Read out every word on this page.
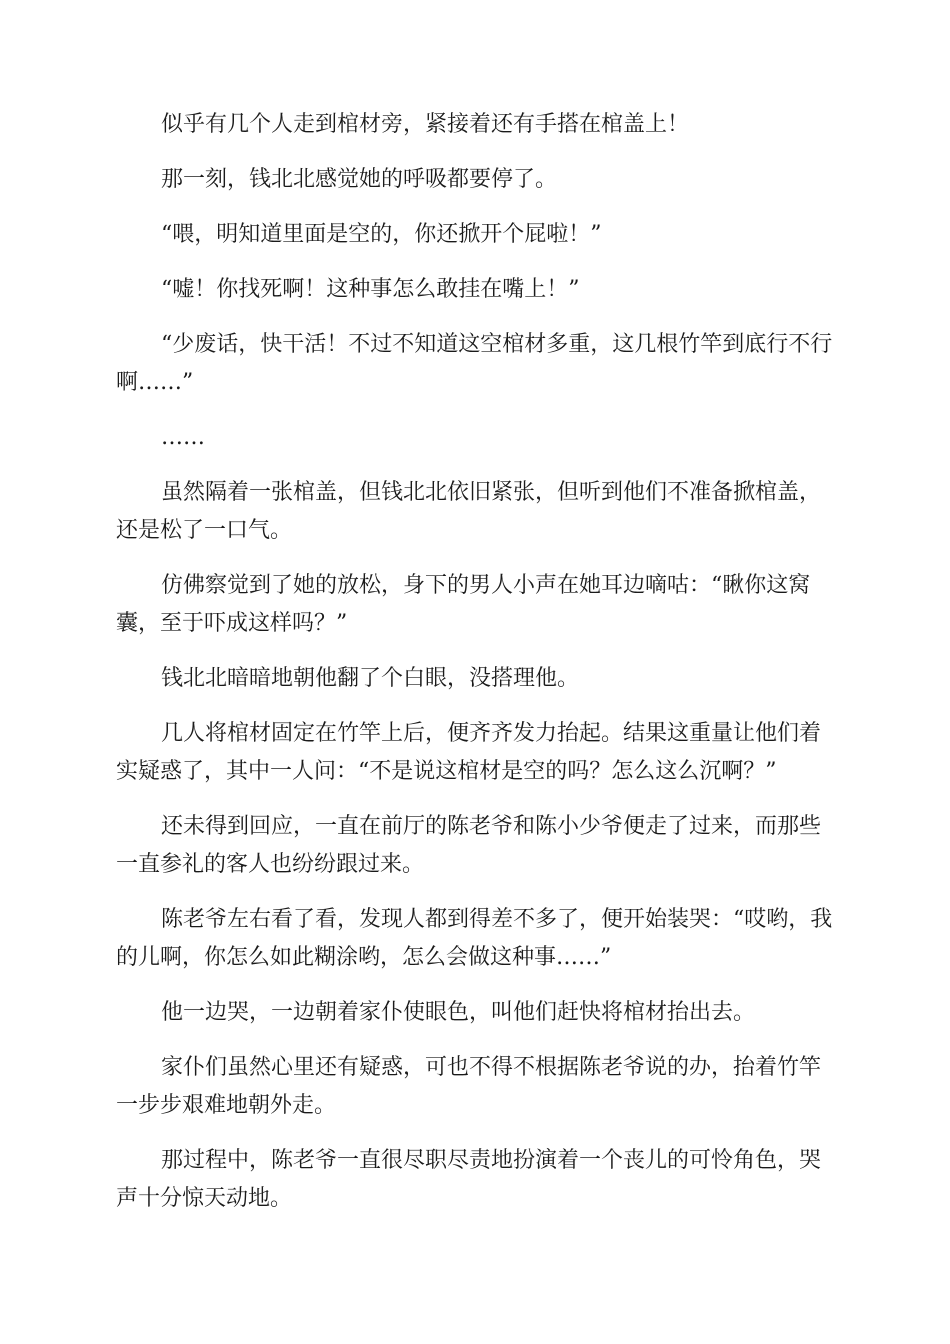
似乎有几个人走到棺材旁，紧接着还有手搭在棺盖上！

那一刻，钱北北感觉她的呼吸都要停了。

“喂，明知道里面是空的，你还掀开个屁啦！”

“嘘！你找死啊！这种事怎么敢挂在嘴上！”

“少废话，快干活！不过不知道这空棺材多重，这几根竹竿到底行不行啊……”

……

虽然隔着一张棺盖，但钱北北依旧紧张，但听到他们不准备掀棺盖，还是松了一口气。

仿佛察觉到了她的放松，身下的男人小声在她耳边嘀咕：“瞅你这窝囊，至于吓成这样吗？”

钱北北暗暗地朝他翻了个白眼，没搭理他。

几人将棺材固定在竹竿上后，便齐齐发力抬起。结果这重量让他们着实疑惑了，其中一人问：“不是说这棺材是空的吗？怎么这么沉啊？”

还未得到回应，一直在前厅的陈老爷和陈小少爷便走了过来，而那些一直参礼的客人也纷纷跟过来。

陈老爷左右看了看，发现人都到得差不多了，便开始装哭：“哎哟，我的儿啊，你怎么如此糊涂哟，怎么会做这种事……”

他一边哭，一边朝着家仆使眼色，叫他们赶快将棺材抬出去。

家仆们虽然心里还有疑惑，可也不得不根据陈老爷说的办，抬着竹竿一步步艰难地朝外走。

那过程中，陈老爷一直很尽职尽责地扮演着一个丧儿的可怜角色，哭声十分惊天动地。
